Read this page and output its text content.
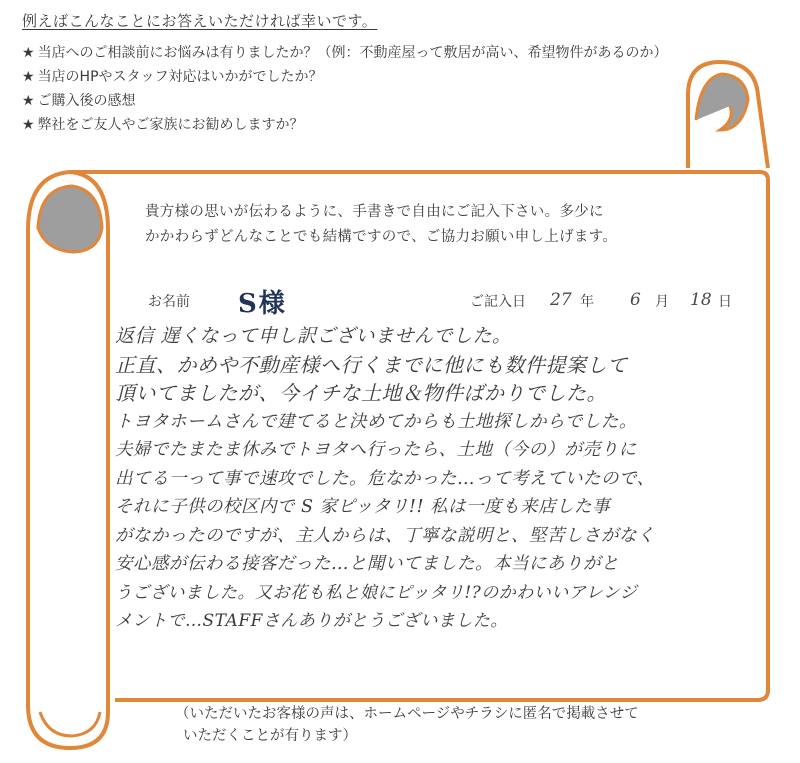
例えばこんなことにお答えいただければ幸いです。
★ 当店へのご相談前にお悩みは有りましたか？（例：不動産屋って敷居が高い、希望物件があるのか）
★ 当店のHPやスタッフ対応はいかがでしたか？
★ ご購入後の感想
★ 弊社をご友人やご家族にお勧めしますか？
貴方様の思いが伝わるように、手書きで自由にご記入下さい。多少に
かかわらずどんなことでも結構ですので、ご協力お願い申し上げます。
お名前 S様	ご記入日 27 年 6 月 18 日
返信 遅くなって申し訳ございませんでした。
正直、かめや不動産様へ行くまでに他にも数件提案して
頂いてましたが、今イチな土地＆物件ばかりでした。
トヨタホームさんで建てると決めてからも土地探しからでした。
夫婦でたまたま休みでトヨタへ行ったら、土地（今の）が売りに
出てる一って事で速攻でした。危なかった…って考えていたので、
それに子供の校区内で S 家ピッタリ!! 私は一度も来店した事
がなかったのですが、主人からは、丁寧な説明と、堅苦しさがなく
安心感が伝わる接客だった…と聞いてました。本当にありがと
うございました。又お花も私と娘にピッタリ!?のかわいいアレンジ
メントで…STAFFさんありがとうございました。
（いただいたお客様の声は、ホームページやチラシに匿名で掲載させて
いただくことが有ります）
